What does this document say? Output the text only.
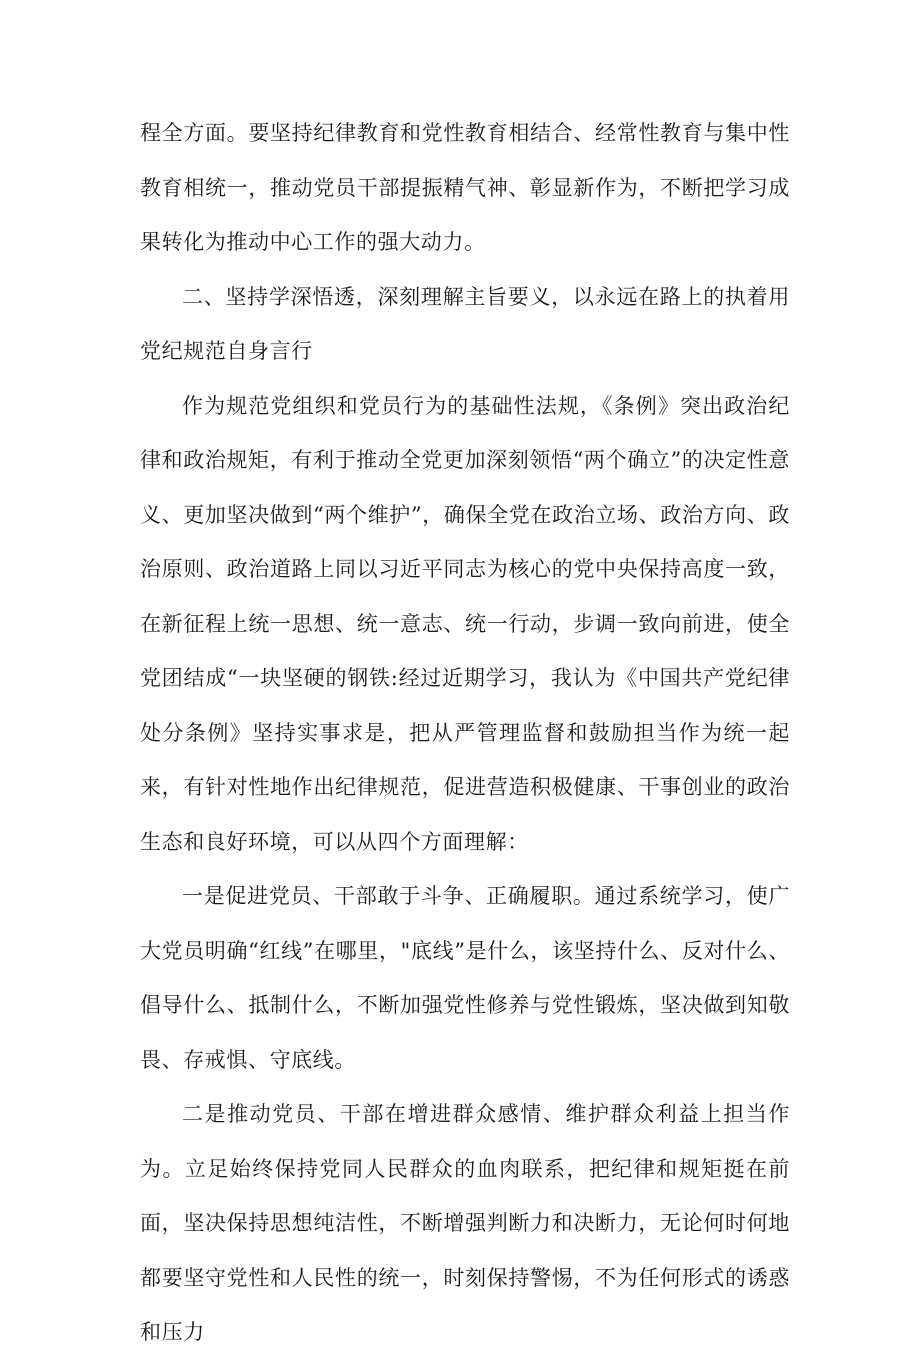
程全方面。要坚持纪律教育和党性教育相结合、经常性教育与集中性教育相统一，推动党员干部提振精气神、彰显新作为，不断把学习成果转化为推动中心工作的强大动力。

二、坚持学深悟透，深刻理解主旨要义，以永远在路上的执着用党纪规范自身言行

作为规范党组织和党员行为的基础性法规，《条例》突出政治纪律和政治规矩，有利于推动全党更加深刻领悟“两个确立”的决定性意义、更加坚决做到“两个维护”，确保全党在政治立场、政治方向、政治原则、政治道路上同以习近平同志为核心的党中央保持高度一致，在新征程上统一思想、统一意志、统一行动，步调一致向前进，使全党团结成“一块坚硬的钢铁:经过近期学习，我认为《中国共产党纪律处分条例》坚持实事求是，把从严管理监督和鼓励担当作为统一起来，有针对性地作出纪律规范，促进营造积极健康、干事创业的政治生态和良好环境，可以从四个方面理解：

一是促进党员、干部敢于斗争、正确履职。通过系统学习，使广大党员明确“红线”在哪里，"底线”是什么，该坚持什么、反对什么、倡导什么、抵制什么，不断加强党性修养与党性锻炼，坚决做到知敬畏、存戒惧、守底线。

二是推动党员、干部在增进群众感情、维护群众利益上担当作为。立足始终保持党同人民群众的血肉联系，把纪律和规矩挺在前面，坚决保持思想纯洁性，不断增强判断力和决断力，无论何时何地都要坚守党性和人民性的统一，时刻保持警惕，不为任何形式的诱惑和压力
